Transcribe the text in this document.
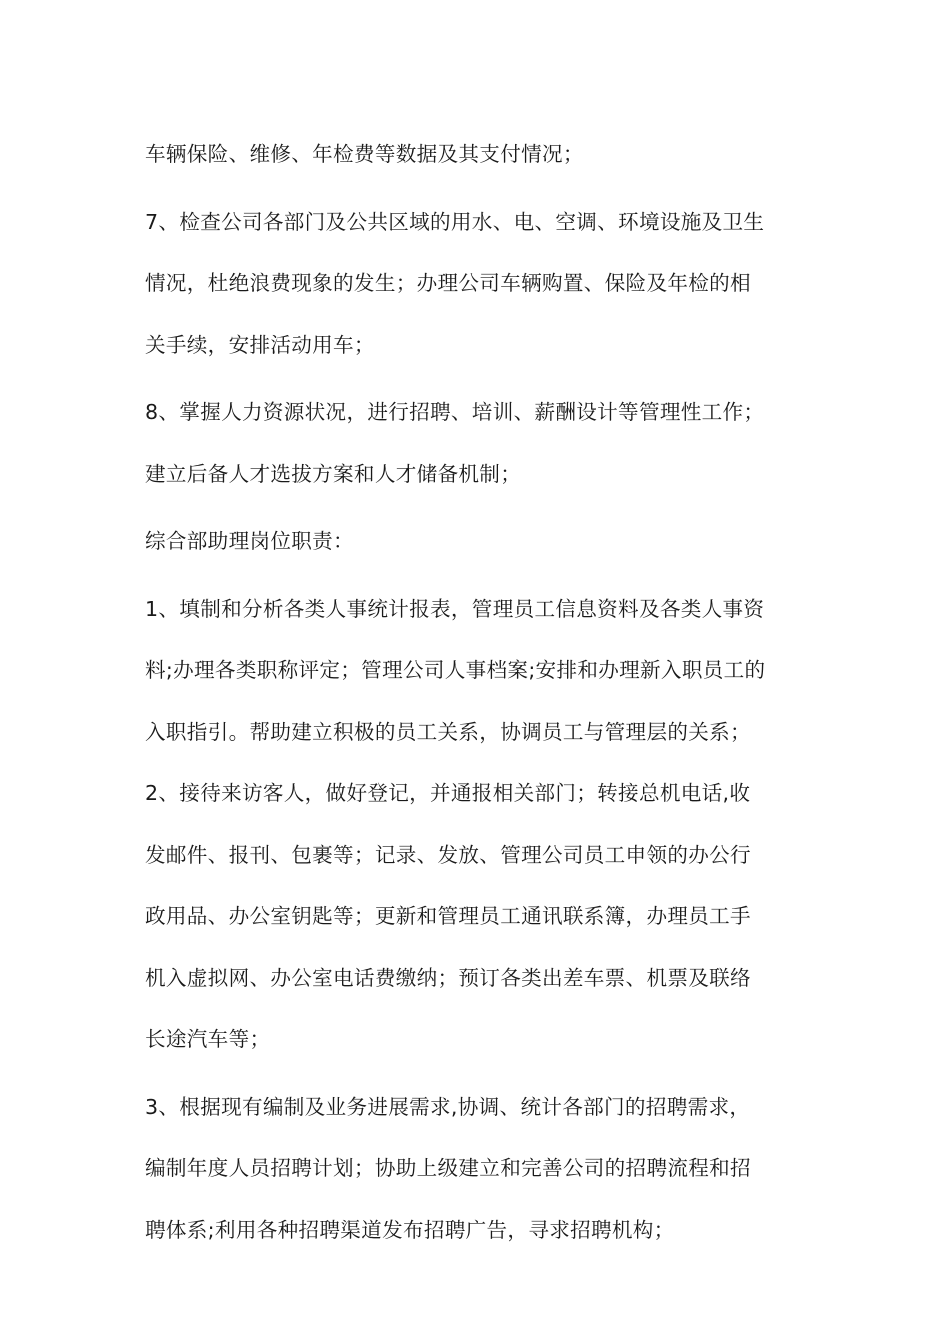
车辆保险、维修、年检费等数据及其支付情况；
7、检查公司各部门及公共区域的用水、电、空调、环境设施及卫生
情况，杜绝浪费现象的发生；办理公司车辆购置、保险及年检的相
关手续，安排活动用车；
8、掌握人力资源状况，进行招聘、培训、薪酬设计等管理性工作；
建立后备人才选拔方案和人才储备机制；
综合部助理岗位职责：
1、填制和分析各类人事统计报表，管理员工信息资料及各类人事资
料;办理各类职称评定；管理公司人事档案;安排和办理新入职员工的
入职指引。帮助建立积极的员工关系，协调员工与管理层的关系；
2、接待来访客人，做好登记，并通报相关部门；转接总机电话,收
发邮件、报刊、包裹等；记录、发放、管理公司员工申领的办公行
政用品、办公室钥匙等；更新和管理员工通讯联系簿，办理员工手
机入虚拟网、办公室电话费缴纳；预订各类出差车票、机票及联络
长途汽车等；
3、根据现有编制及业务进展需求,协调、统计各部门的招聘需求，
编制年度人员招聘计划；协助上级建立和完善公司的招聘流程和招
聘体系;利用各种招聘渠道发布招聘广告，寻求招聘机构；
